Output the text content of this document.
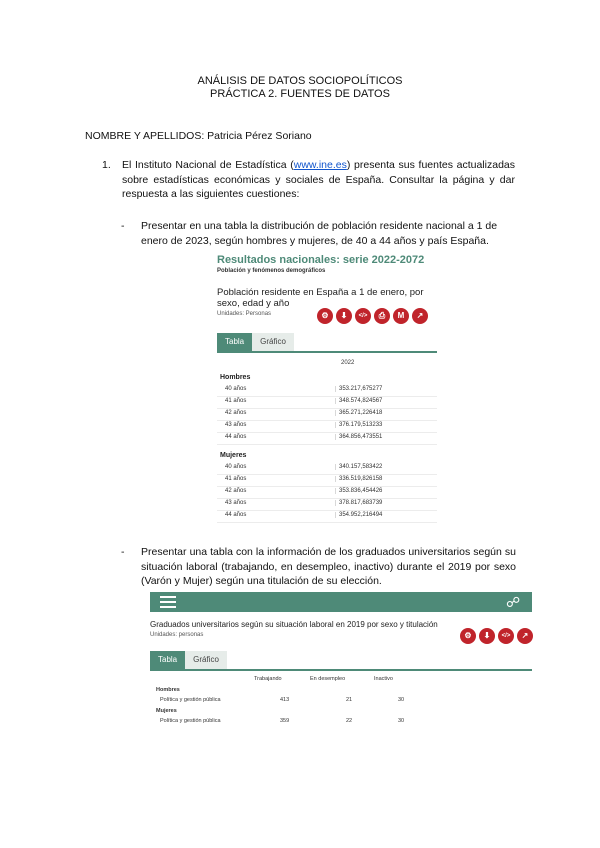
ANÁLISIS DE DATOS SOCIOPOLÍTICOS
PRÁCTICA 2. FUENTES DE DATOS
NOMBRE Y APELLIDOS: Patricia Pérez Soriano
1. El Instituto Nacional de Estadística (www.ine.es) presenta sus fuentes actualizadas sobre estadísticas económicas y sociales de España. Consultar la página y dar respuesta a las siguientes cuestiones:
- Presentar en una tabla la distribución de población residente nacional a 1 de enero de 2023, según hombres y mujeres, de 40 a 44 años y país España.
Resultados nacionales: serie 2022-2072
Población y fenómenos demográficos
Población residente en España a 1 de enero, por sexo, edad y año
Unidades: Personas	⚙	⬇	</>	⎙	M	↗
Tabla	Gráfico
2022
Hombres
40 años	353.217,675277
41 años	348.574,824567
42 años	365.271,226418
43 años	376.179,513233
44 años	364.856,473551
Mujeres
40 años	340.157,583422
41 años	336.519,826158
42 años	353.836,454426
43 años	378.817,683739
44 años	354.952,216494
- Presentar una tabla con la información de los graduados universitarios según su situación laboral (trabajando, en desempleo, inactivo) durante el 2019 por sexo (Varón y Mujer) según una titulación de su elección.
☍
Graduados universitarios según su situación laboral en 2019 por sexo y titulación
Unidades: personas	⚙	⬇	</>	↗
Tabla	Gráfico
Trabajando	En desempleo	Inactivo
Hombres
Política y gestión pública	413	21	30
Mujeres
Política y gestión pública	359	22	30
